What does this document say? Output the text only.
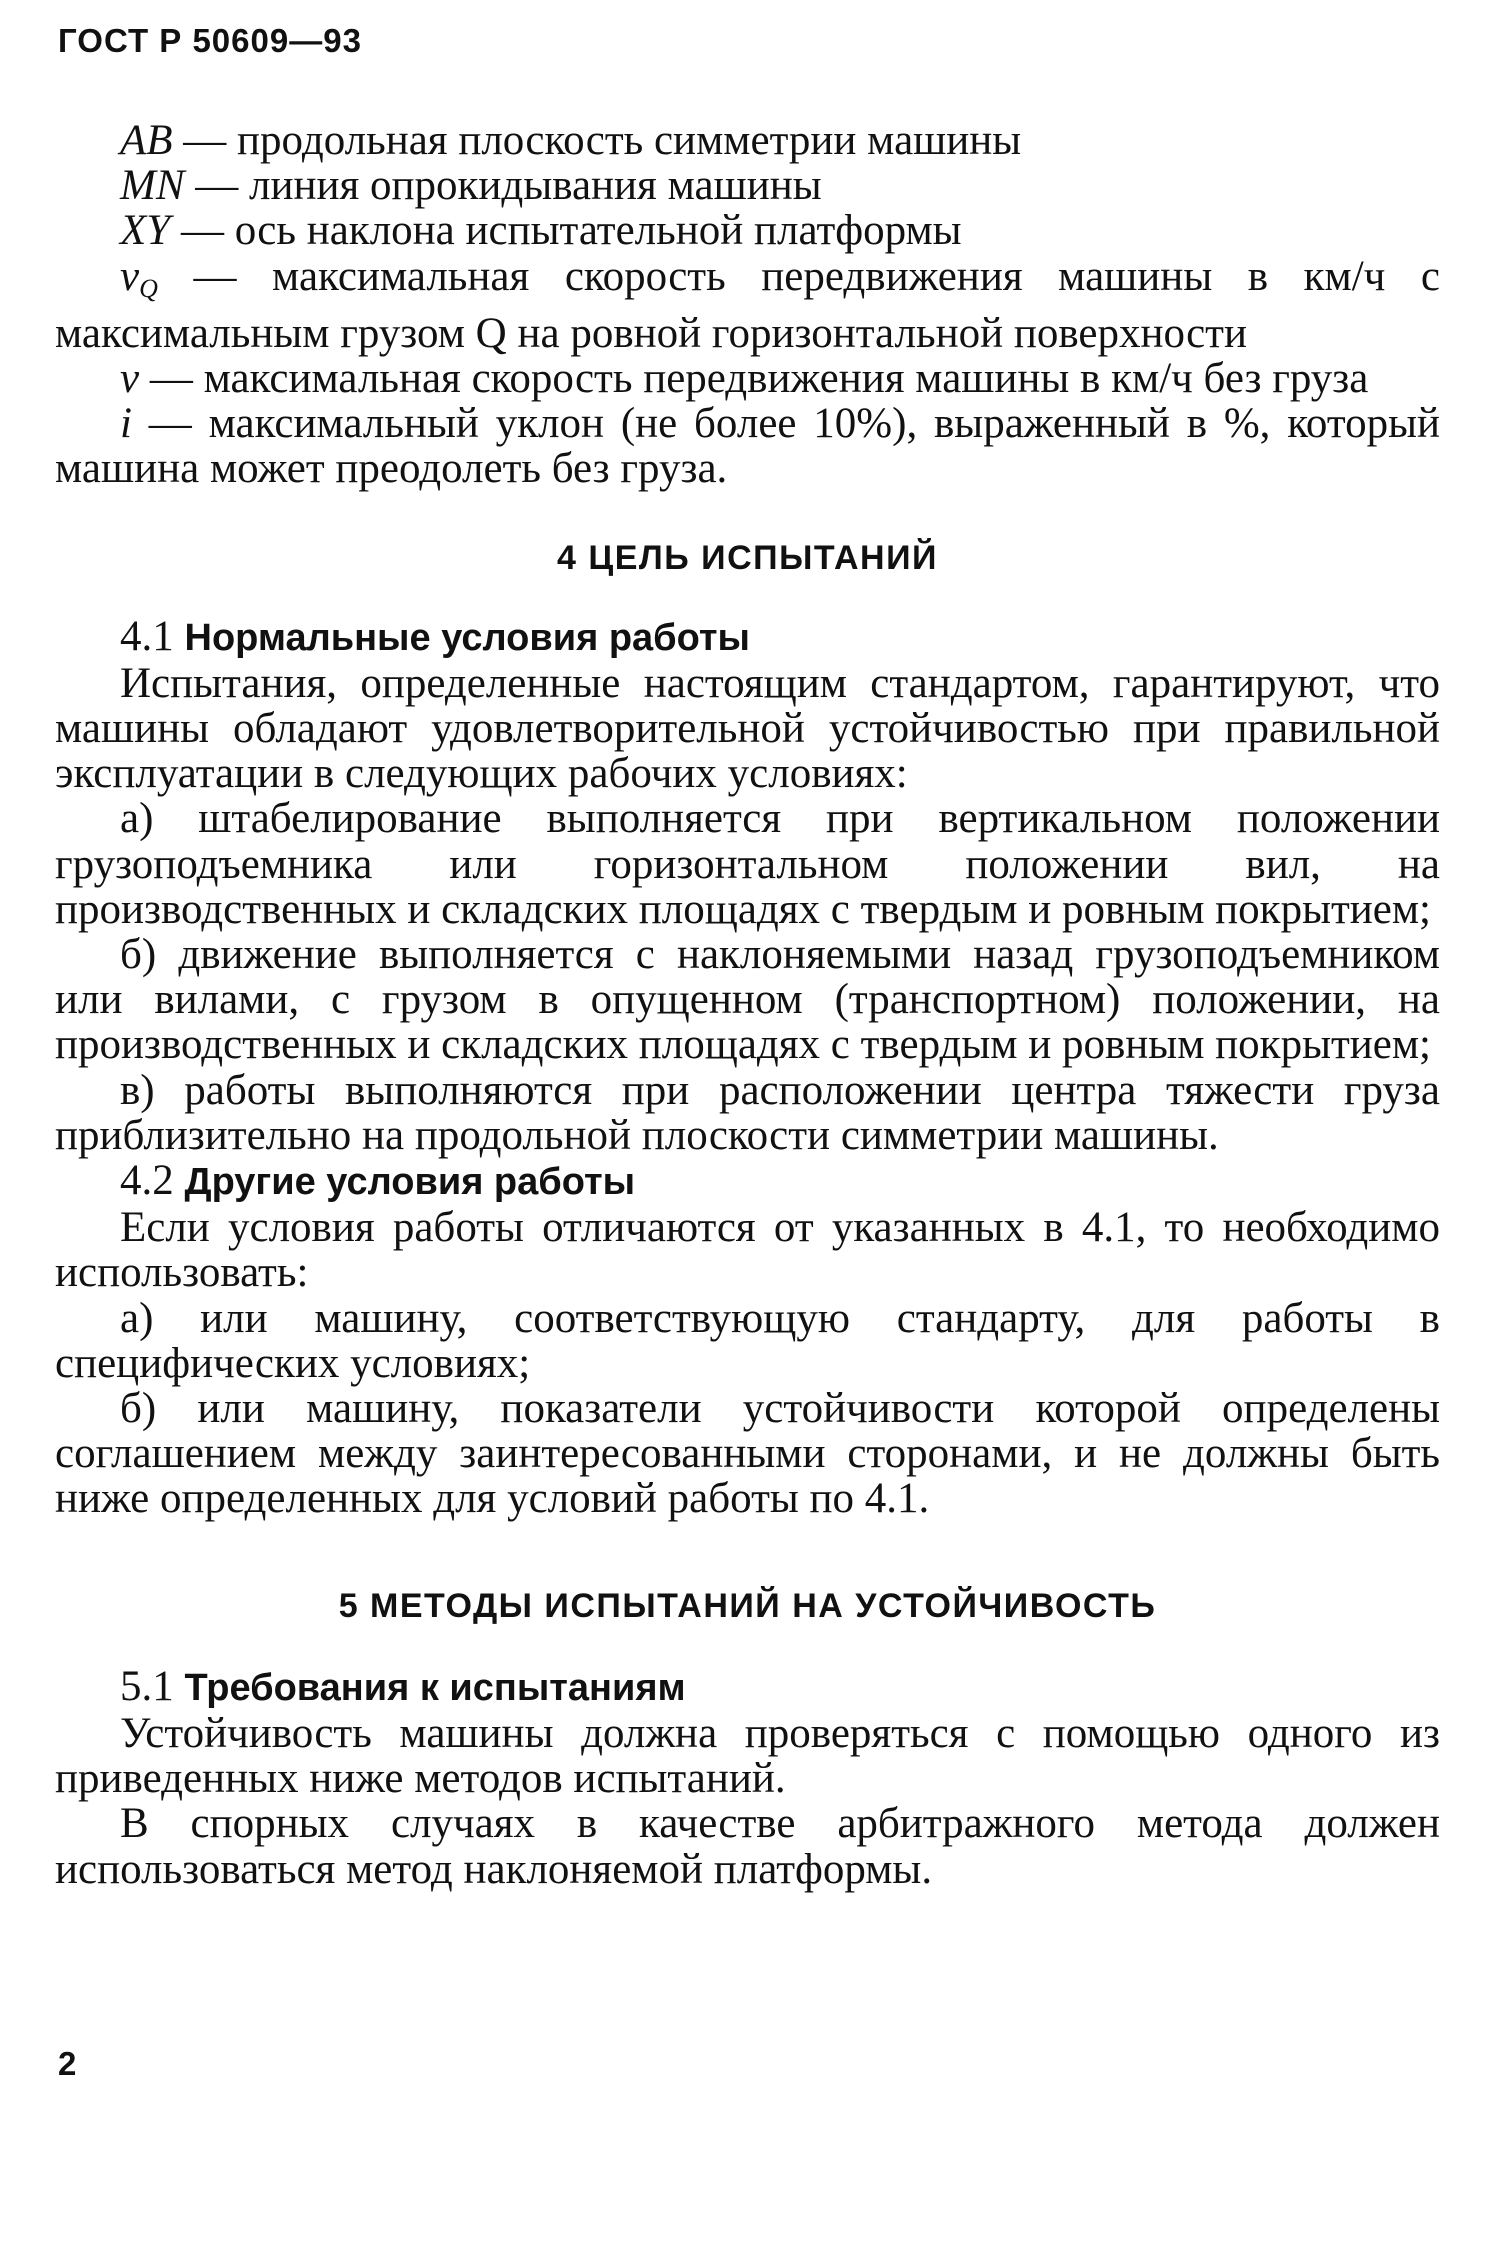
ГОСТ Р 50609—93

AB — продольная плоскость симметрии машины

MN — линия опрокидывания машины

XY — ось наклона испытательной платформы

$v_Q$ — максимальная скорость передвижения машины в км/ч с максимальным грузом Q на ровной горизонтальной поверхности

v — максимальная скорость передвижения машины в км/ч без груза

i — максимальный уклон (не более 10%), выраженный в %, который машина может преодолеть без груза.

4 ЦЕЛЬ ИСПЫТАНИЙ

4.1 Нормальные условия работы

Испытания, определенные настоящим стандартом, гарантируют, что машины обладают удовлетворительной устойчивостью при правильной эксплуатации в следующих рабочих условиях:

а) штабелирование выполняется при вертикальном положении грузоподъемника или горизонтальном положении вил, на производственных и складских площадях с твердым и ровным покрытием;

б) движение выполняется с наклоняемыми назад грузоподъемником или вилами, с грузом в опущенном (транспортном) положении, на производственных и складских площадях с твердым и ровным покрытием;

в) работы выполняются при расположении центра тяжести груза приблизительно на продольной плоскости симметрии машины.

4.2 Другие условия работы

Если условия работы отличаются от указанных в 4.1, то необходимо использовать:

а) или машину, соответствующую стандарту, для работы в специфических условиях;

б) или машину, показатели устойчивости которой определены соглашением между заинтересованными сторонами, и не должны быть ниже определенных для условий работы по 4.1.

5 МЕТОДЫ ИСПЫТАНИЙ НА УСТОЙЧИВОСТЬ

5.1 Требования к испытаниям

Устойчивость машины должна проверяться с помощью одного из приведенных ниже методов испытаний.

В спорных случаях в качестве арбитражного метода должен использоваться метод наклоняемой платформы.

2
